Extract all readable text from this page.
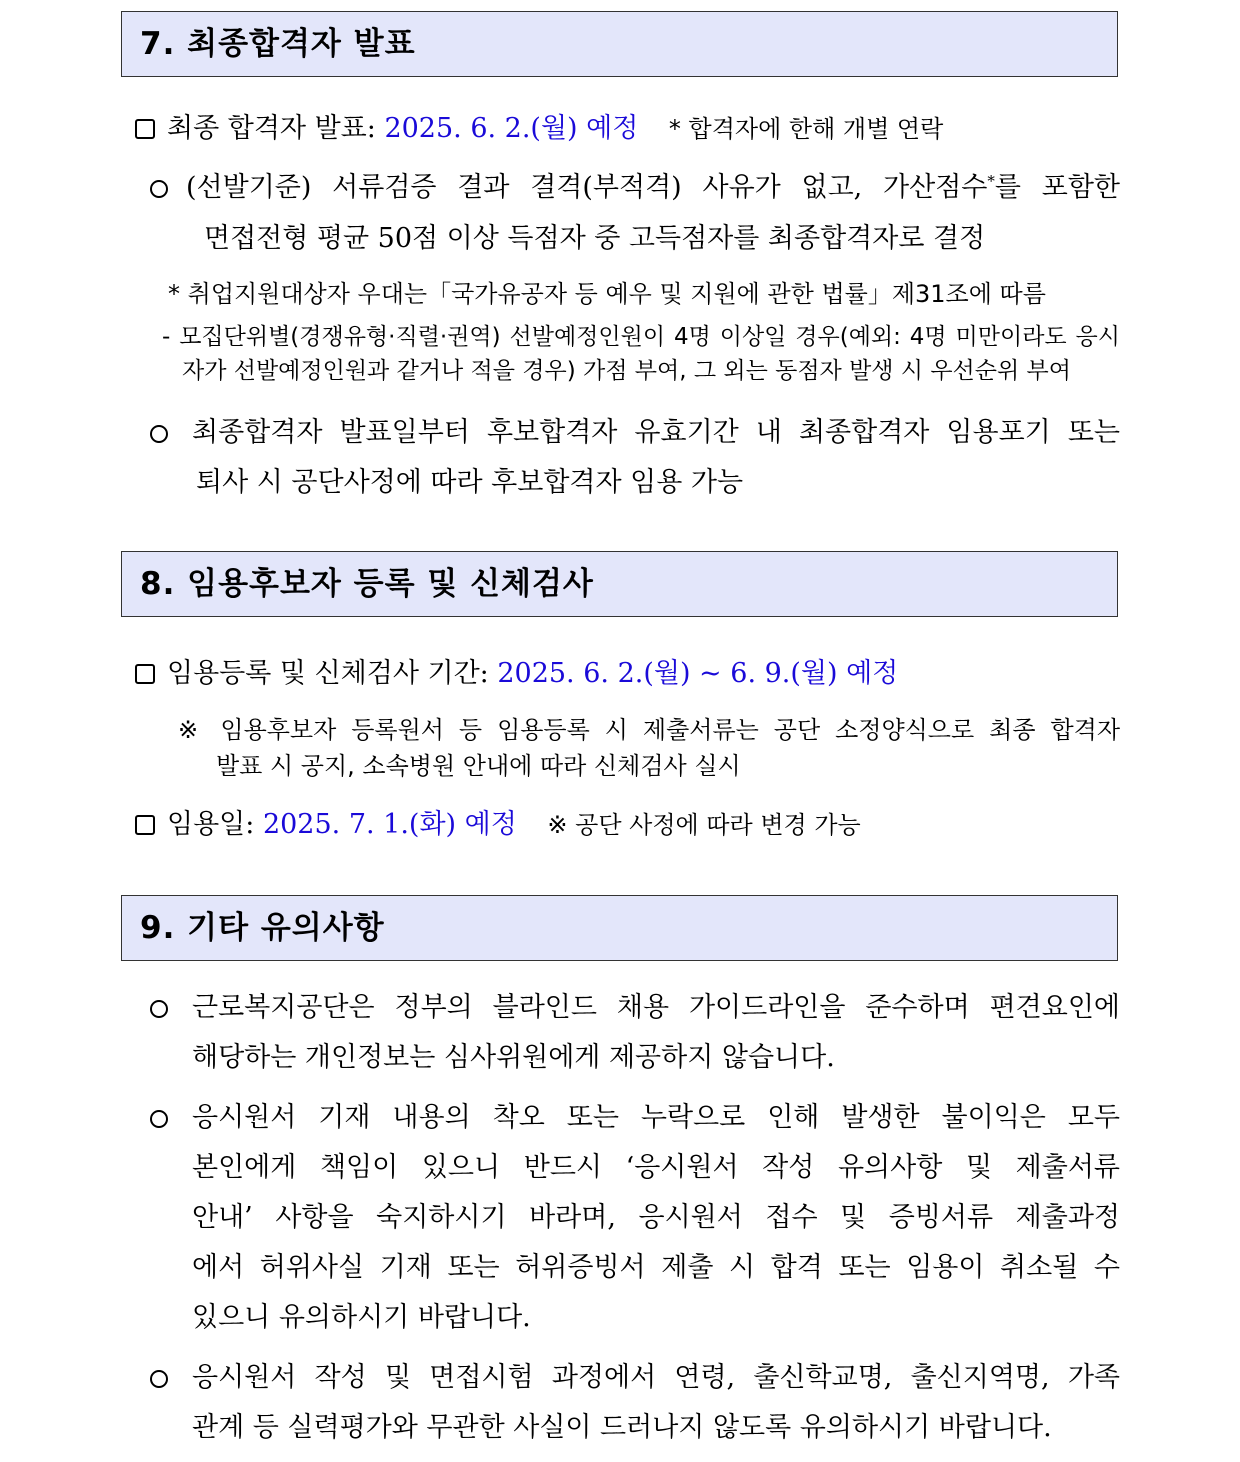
7. 최종합격자 발표
최종 합격자 발표: 2025. 6. 2.(월) 예정 * 합격자에 한해 개별 연락
(선발기준) 서류검증 결과 결격(부적격) 사유가 없고, 가산점수*를 포함한
면접전형 평균 50점 이상 득점자 중 고득점자를 최종합격자로 결정
* 취업지원대상자 우대는「국가유공자 등 예우 및 지원에 관한 법률」제31조에 따름
- 모집단위별(경쟁유형·직렬·권역) 선발예정인원이 4명 이상일 경우(예외: 4명 미만이라도 응시
자가 선발예정인원과 같거나 적을 경우) 가점 부여, 그 외는 동점자 발생 시 우선순위 부여
최종합격자 발표일부터 후보합격자 유효기간 내 최종합격자 임용포기 또는
퇴사 시 공단사정에 따라 후보합격자 임용 가능
8. 임용후보자 등록 및 신체검사
임용등록 및 신체검사 기간: 2025. 6. 2.(월) ~ 6. 9.(월) 예정
※ 임용후보자 등록원서 등 임용등록 시 제출서류는 공단 소정양식으로 최종 합격자
발표 시 공지, 소속병원 안내에 따라 신체검사 실시
임용일: 2025. 7. 1.(화) 예정 ※ 공단 사정에 따라 변경 가능
9. 기타 유의사항
근로복지공단은 정부의 블라인드 채용 가이드라인을 준수하며 편견요인에
해당하는 개인정보는 심사위원에게 제공하지 않습니다.
응시원서 기재 내용의 착오 또는 누락으로 인해 발생한 불이익은 모두
본인에게 책임이 있으니 반드시 ‘응시원서 작성 유의사항 및 제출서류
안내’ 사항을 숙지하시기 바라며, 응시원서 접수 및 증빙서류 제출과정
에서 허위사실 기재 또는 허위증빙서 제출 시 합격 또는 임용이 취소될 수
있으니 유의하시기 바랍니다.
응시원서 작성 및 면접시험 과정에서 연령, 출신학교명, 출신지역명, 가족
관계 등 실력평가와 무관한 사실이 드러나지 않도록 유의하시기 바랍니다.
